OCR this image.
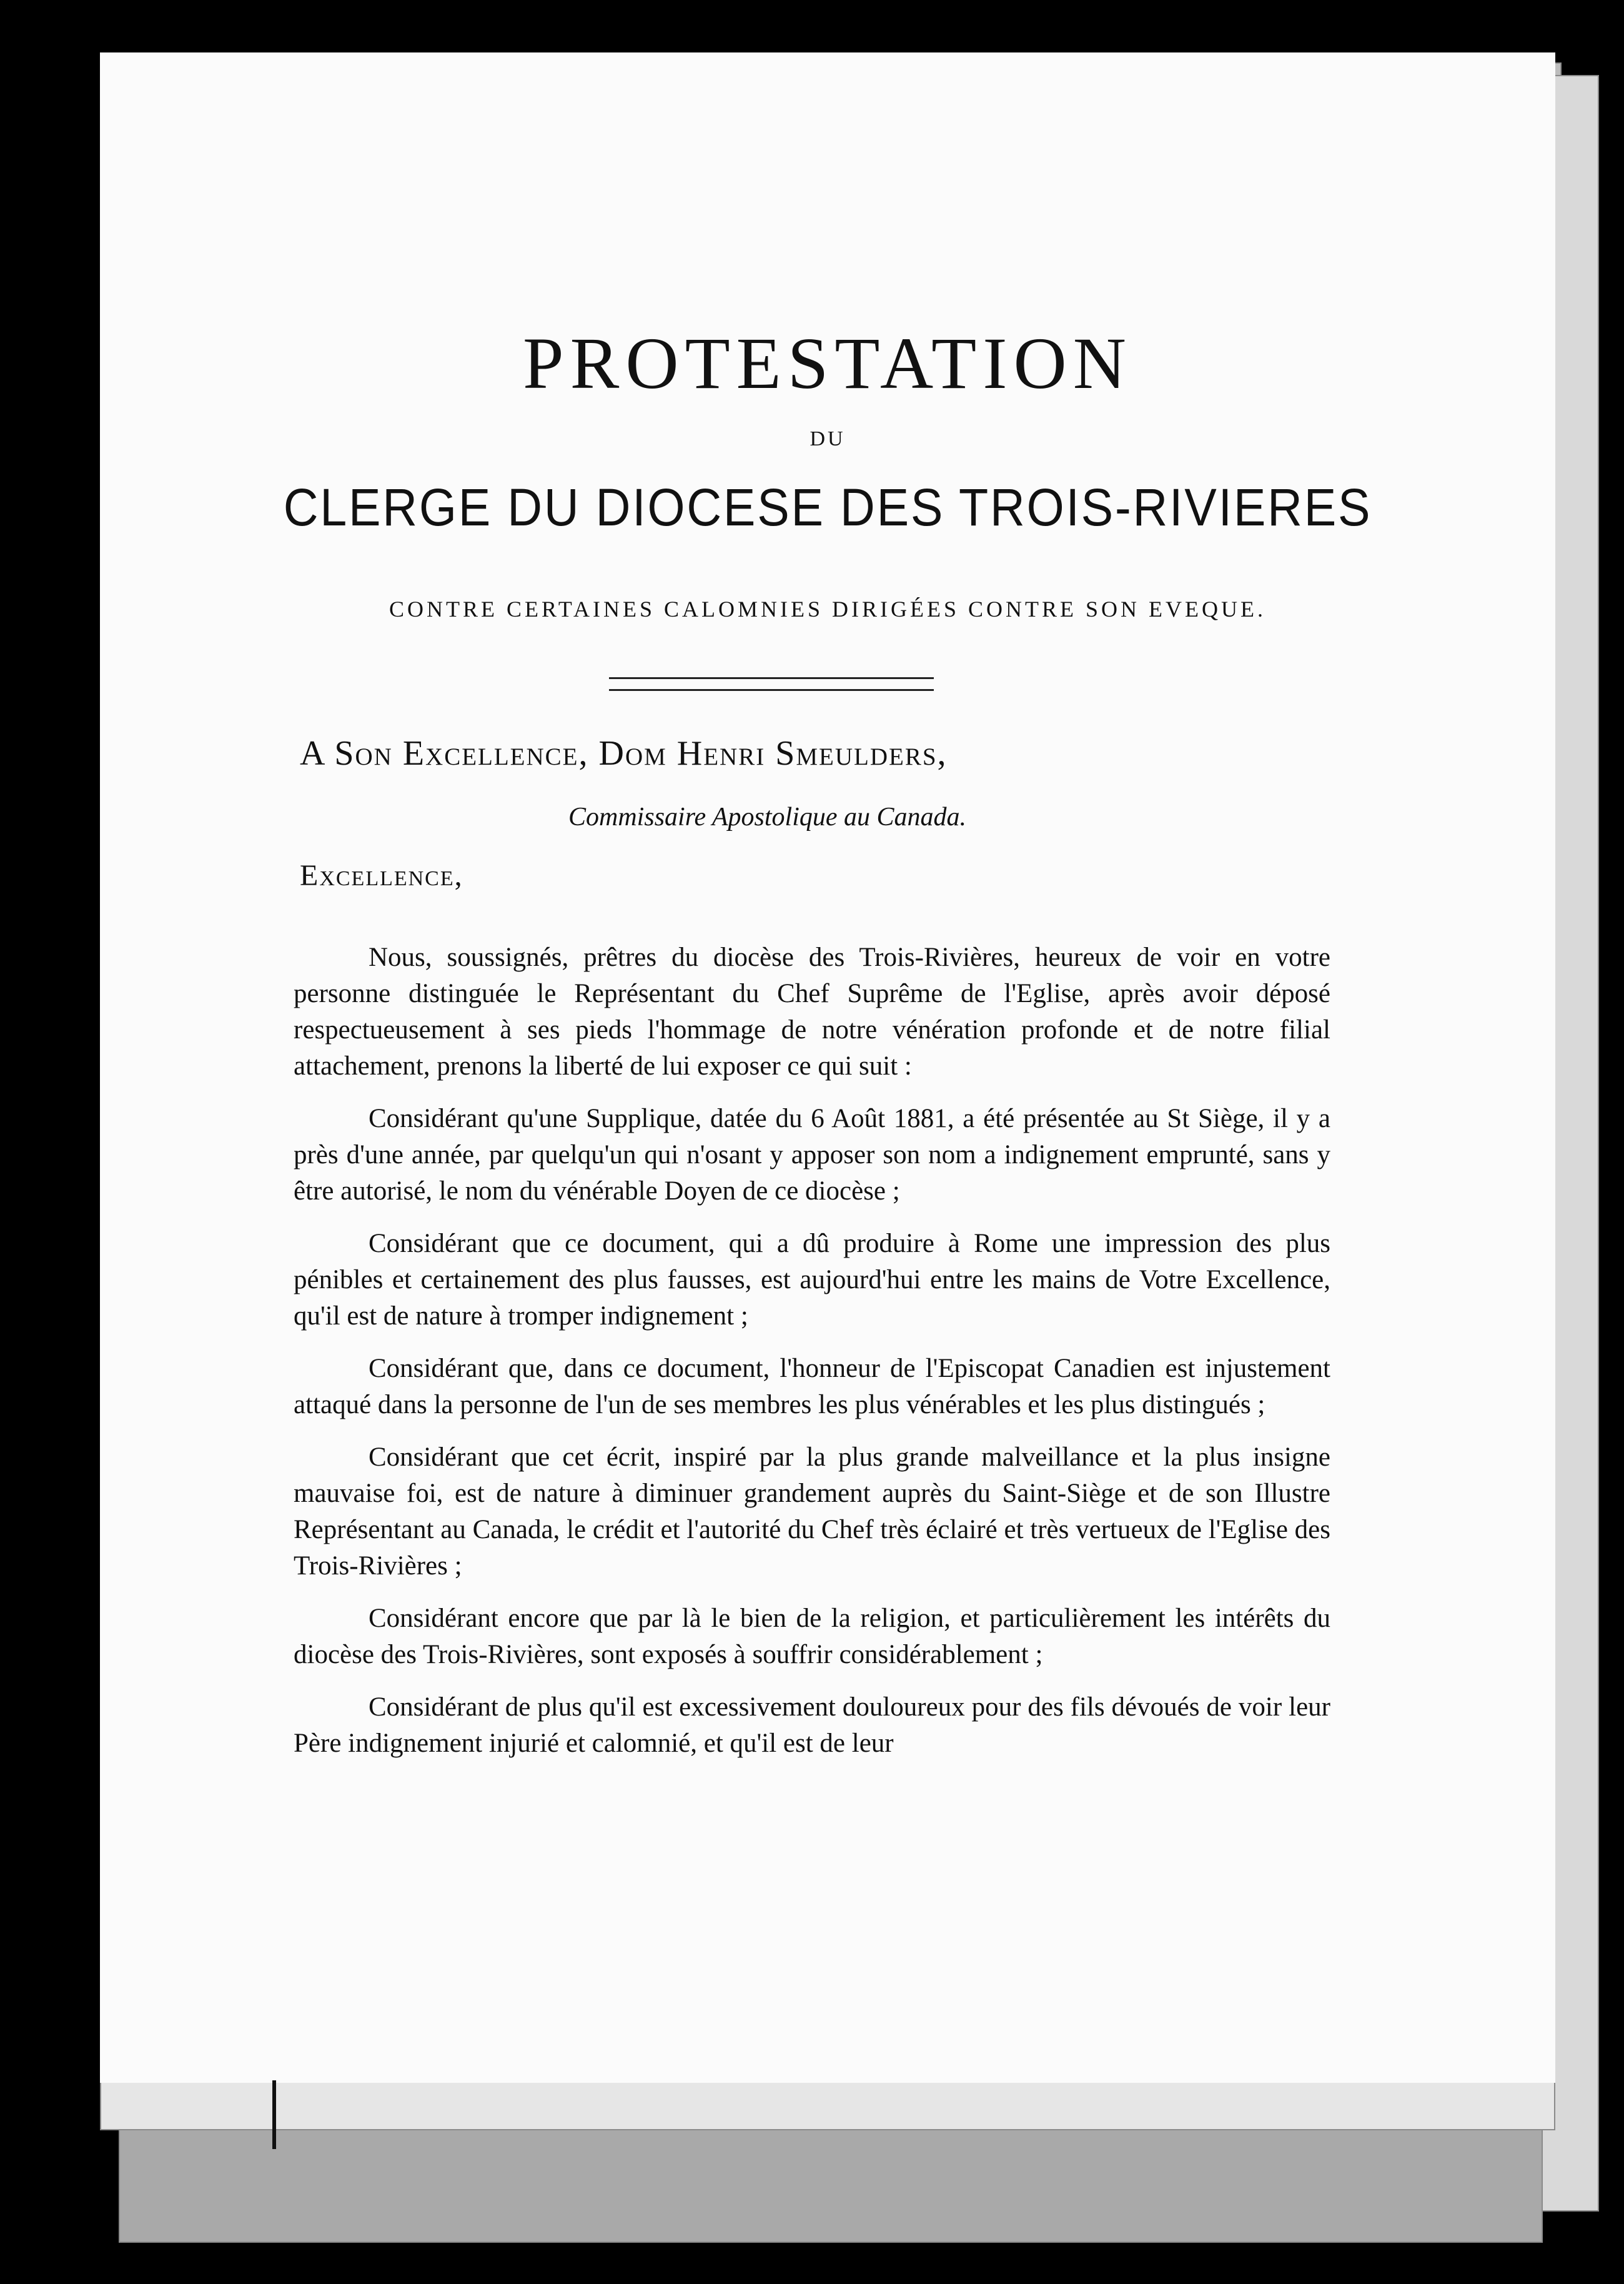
PROTESTATION
DU
CLERGE DU DIOCESE DES TROIS-RIVIERES
CONTRE CERTAINES CALOMNIES DIRIGÉES CONTRE SON EVEQUE.
A Son Excellence, Dom Henri Smeulders,
Commissaire Apostolique au Canada.
Excellence,

Nous, soussignés, prêtres du diocèse des Trois-Rivières, heureux de voir en votre personne distinguée le Représentant du Chef Suprême de l'Eglise, après avoir déposé respectueusement à ses pieds l'hommage de notre vénération profonde et de notre filial attachement, prenons la liberté de lui exposer ce qui suit :

Considérant qu'une Supplique, datée du 6 Août 1881, a été présentée au St Siège, il y a près d'une année, par quelqu'un qui n'osant y apposer son nom a indignement emprunté, sans y être autorisé, le nom du vénérable Doyen de ce diocèse ;

Considérant que ce document, qui a dû produire à Rome une impression des plus pénibles et certainement des plus fausses, est aujourd'hui entre les mains de Votre Excellence, qu'il est de nature à tromper indignement ;

Considérant que, dans ce document, l'honneur de l'Episcopat Canadien est injustement attaqué dans la personne de l'un de ses membres les plus vénérables et les plus distingués ;

Considérant que cet écrit, inspiré par la plus grande malveillance et la plus insigne mauvaise foi, est de nature à diminuer grandement auprès du Saint-Siège et de son Illustre Représentant au Canada, le crédit et l'autorité du Chef très éclairé et très vertueux de l'Eglise des Trois-Rivières ;

Considérant encore que par là le bien de la religion, et particulièrement les intérêts du diocèse des Trois-Rivières, sont exposés à souffrir considérablement ;

Considérant de plus qu'il est excessivement douloureux pour des fils dévoués de voir leur Père indignement injurié et calomnié, et qu'il est de leur
